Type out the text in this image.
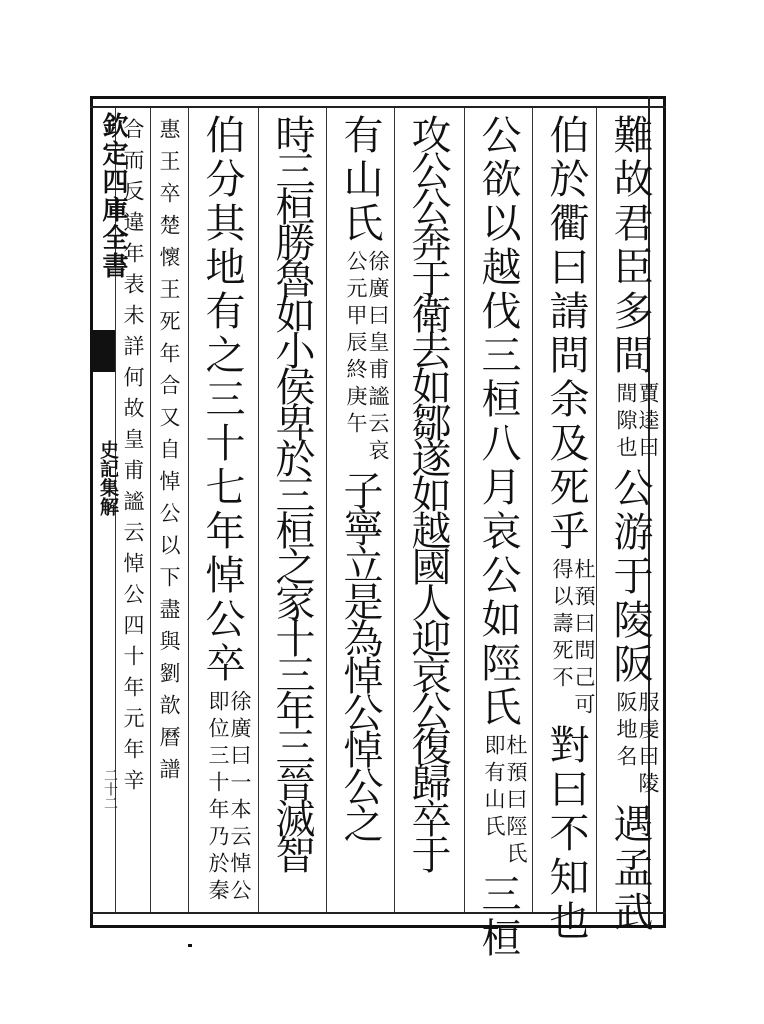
欽定四庫全書
史記集解
二十二
難故君臣多間
賈逵曰
間隙也
公游于陵阪
服虔曰陵
阪地名
遇孟武
伯於衢曰請問余及死乎
杜預曰問己可
得以壽死不
對曰不知也
公欲以越伐三桓八月哀公如陘氏
杜預曰陘氏
即有山氏
三桓
攻公公奔于衛去如鄒遂如越國人迎哀公復歸卒于
有山氏
徐廣曰皇甫謐云哀
公元甲辰終庚午
子寧立是為悼公悼公之
時三桓勝魯如小侯卑於三桓之家十三年三晉滅智
伯分其地有之三十七年悼公卒
徐廣曰一本云悼公
即位三十年乃於秦
惠王卒楚懷王死年合又自悼公以下盡與劉歆曆譜
合而反違年表未詳何故皇甫謐云悼公四十年元年辛
